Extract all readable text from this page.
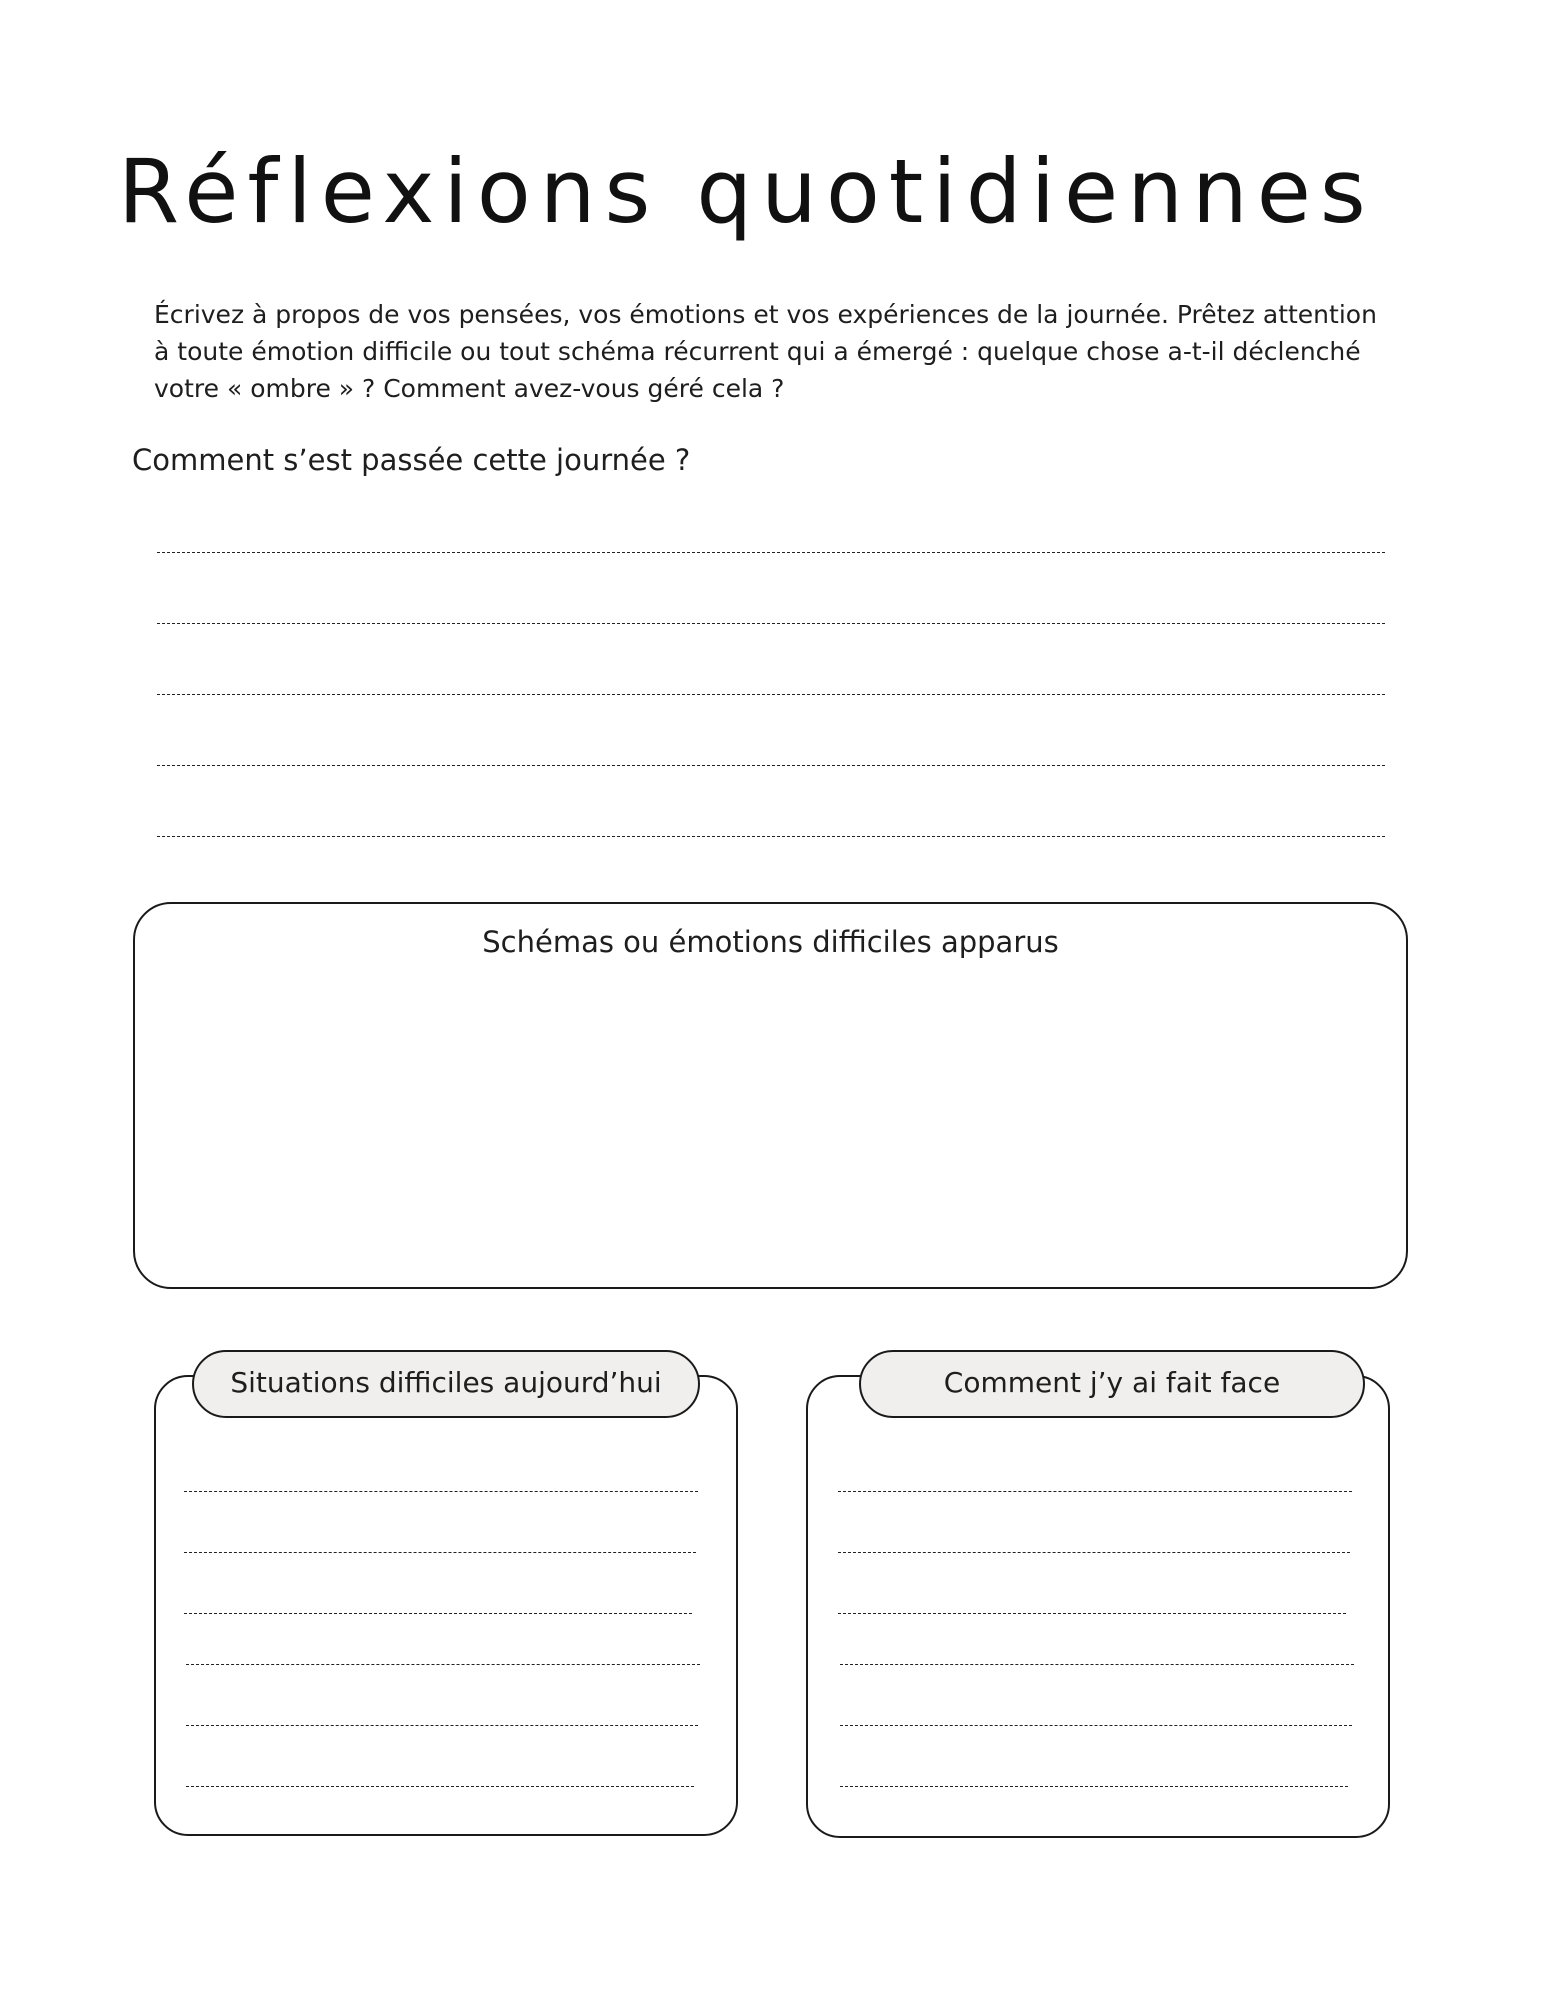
Réflexions quotidiennes

Écrivez à propos de vos pensées, vos émotions et vos expériences de la journée. Prêtez attention à toute émotion difficile ou tout schéma récurrent qui a émergé : quelque chose a-t-il déclenché votre « ombre » ? Comment avez-vous géré cela ?

Comment s’est passée cette journée ?

Schémas ou émotions difficiles apparus
Situations difficiles aujourd’hui	Comment j’y ai fait face
